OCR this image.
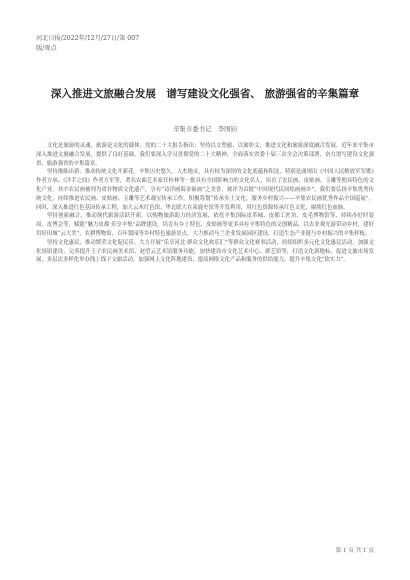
河北日报/2022年/12月/27日/第 007
版/观点
深入推进文旅融合发展　谱写建设文化强省、 旅游强省的辛集篇章
辛集市委书记　李国钧

文化是旅游的灵魂，旅游是文化的载体。党的二十大报告指出：坚持以文塑旅、以旅彰文，推进文化和旅游深度融合发展。近年来辛集市深入推进文旅融合发展，提供了良好基础。我们要深入学习贯彻党的二十大精神，全面落实省委十届三次全会决策部署，奋力谱写建设文化强省、旅游强省的辛集篇章。

坚持推陈出新，推动传统文化开新花。辛集历史悠久、人杰地灵，具有较为深厚的文化底蕴和积淀，特别是涌现出《中国人民解放军军歌》作者方承、《洋手之间》作者方军等，著名农曲艺术家任桂林等一批具有全国影响力的文化名人，培育了农民画、皮贴画、玉雕等独具特色的文化产业。其中农民画被列为省非物质文化遗产，享有“诗洋画海金匾画”之美誉，被评为首批“中国现代民间绘画画乡”。我们要弘扬辛集优秀传统文化，持续推进农民画、皮贴画、玉雕等艺术魂宝传承工作，积极筹划“传承乡土文化，服务乡村振兴——辛集农民画优秀作品全国巡展”。同时，深入推进红色基因传承工程，加大云木红色馆、华北联大在束鹿史馆等开发利用，用红色资源传承红色文化，赓续红色血脉。

坚持创新融合，推动现代旅游活跃开新。以购物旅游助力经济发展，依托辛集国际皮革城、皮都工匠坊、皮毛博物馆等，持续办好时装周、皮博会等，赋能“魅力皮都·乐享辛集”品牌建设，培育有乡土特色、皮贴画等更多具有辛集特色的文创精品，以农业观光游带动乡村，建好用好田城“云大美”、农耕博物馆、百年梨园等乡村特色旅游景点，大力推动马兰企业发展园区建设，打造生态产业链与乡村振兴的辛集样板。

坚持文化惠民，推动繁荣文化促民乐。大力开展“乐享河北·群众文化欢乐汇”等群众文化赛事活动，持续组织多元化文化惠民活动，加强文化场馆建设，完善提升王子农民画美术馆、赵望云艺术馆服务功能。加快建设市文化艺术中心、群艺馆等，打造文化新地标，促进文旅市场发展，多层次多样化举办线上线下文旅活动，加强网上文化阵地建设，提高网络文化产品和服务的供给能力，提升辛集文化“软实力”。

第 1 页 共 1 页
